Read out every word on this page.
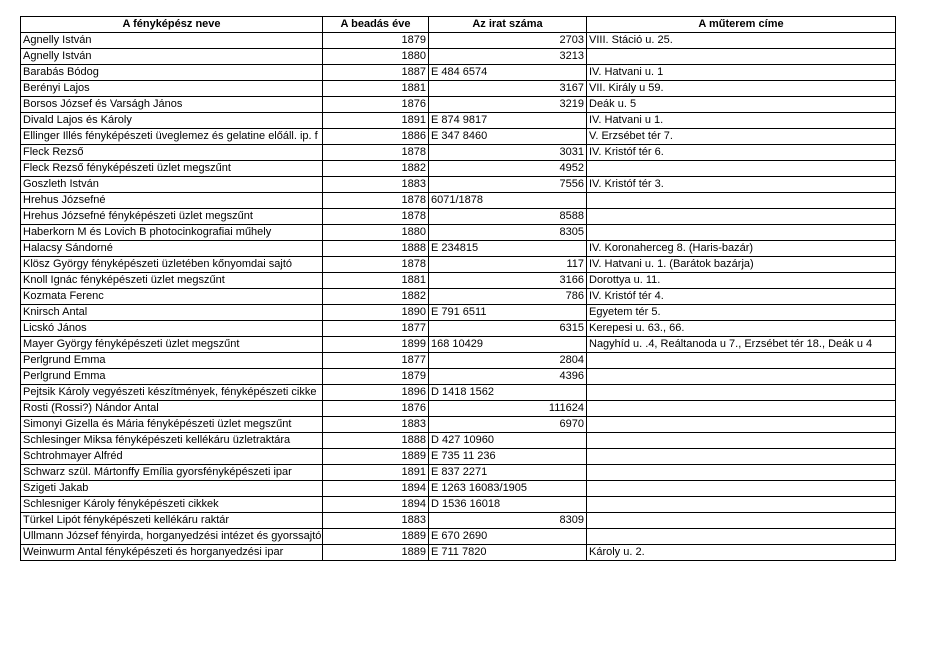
A fényképész neve	A beadás éve	Az irat száma	A műterem címe
Agnelly István	1879	2703	VIII. Stáció u. 25.
Agnelly István	1880	3213	
Barabás Bódog	1887	E 484 6574	IV. Hatvani u. 1
Berényi Lajos	1881	3167	VII. Király u 59.
Borsos József és Varságh János	1876	3219	Deák u. 5
Divald Lajos és Károly	1891	E 874 9817	IV. Hatvani u 1.
Ellinger Illés fényképészeti üveglemez és gelatine előáll. ip. f	1886	E 347 8460	V. Erzsébet tér 7.
Fleck Rezső	1878	3031	IV. Kristóf tér 6.
Fleck Rezső fényképészeti üzlet megszűnt	1882	4952	
Goszleth István	1883	7556	IV. Kristóf tér 3.
Hrehus Józsefné	1878	6071/1878	
Hrehus Józsefné fényképészeti üzlet megszűnt	1878	8588	
Haberkorn M és Lovich B photocinkografiai műhely	1880	8305	
Halacsy Sándorné	1888	E 234815	IV. Koronaherceg 8. (Haris-bazár)
Klösz György fényképészeti üzletében kőnyomdai sajtó	1878	117	IV. Hatvani u. 1. (Barátok bazárja)
Knoll Ignác fényképészeti üzlet megszűnt	1881	3166	Dorottya u. 11.
Kozmata Ferenc	1882	786	IV. Kristóf tér 4.
Knirsch Antal	1890	E 791 6511	Egyetem tér 5.
Licskó János	1877	6315	Kerepesi u. 63., 66.
Mayer György fényképészeti üzlet megszűnt	1899	168 10429	Nagyhíd u. .4, Reáltanoda u 7., Erzsébet tér 18., Deák u 4
Perlgrund Emma	1877	2804	
Perlgrund Emma	1879	4396	
Pejtsik Károly vegyészeti készítmények, fényképészeti cikke	1896	D 1418 1562	
Rosti (Rossi?) Nándor Antal	1876	111624	
Simonyi Gizella és Mária fényképészeti üzlet megszűnt	1883	6970	
Schlesinger Miksa fényképészeti kellékáru üzletraktára	1888	D 427 10960	
Schtrohmayer Alfréd	1889	E 735 11 236	
Schwarz szül. Mártonffy Emília gyorsfényképészeti ipar	1891	E 837 2271	
Szigeti Jakab	1894	E 1263 16083/1905	
Schlesniger Károly fényképészeti cikkek	1894	D 1536 16018	
Türkel Lipót fényképészeti kellékáru raktár	1883	8309	
Ullmann József fényirda, horganyedzési intézet és gyorssajtó	1889	E 670 2690	
Weinwurm Antal fényképészeti és horganyedzési ipar	1889	E 711 7820	Károly u. 2.
